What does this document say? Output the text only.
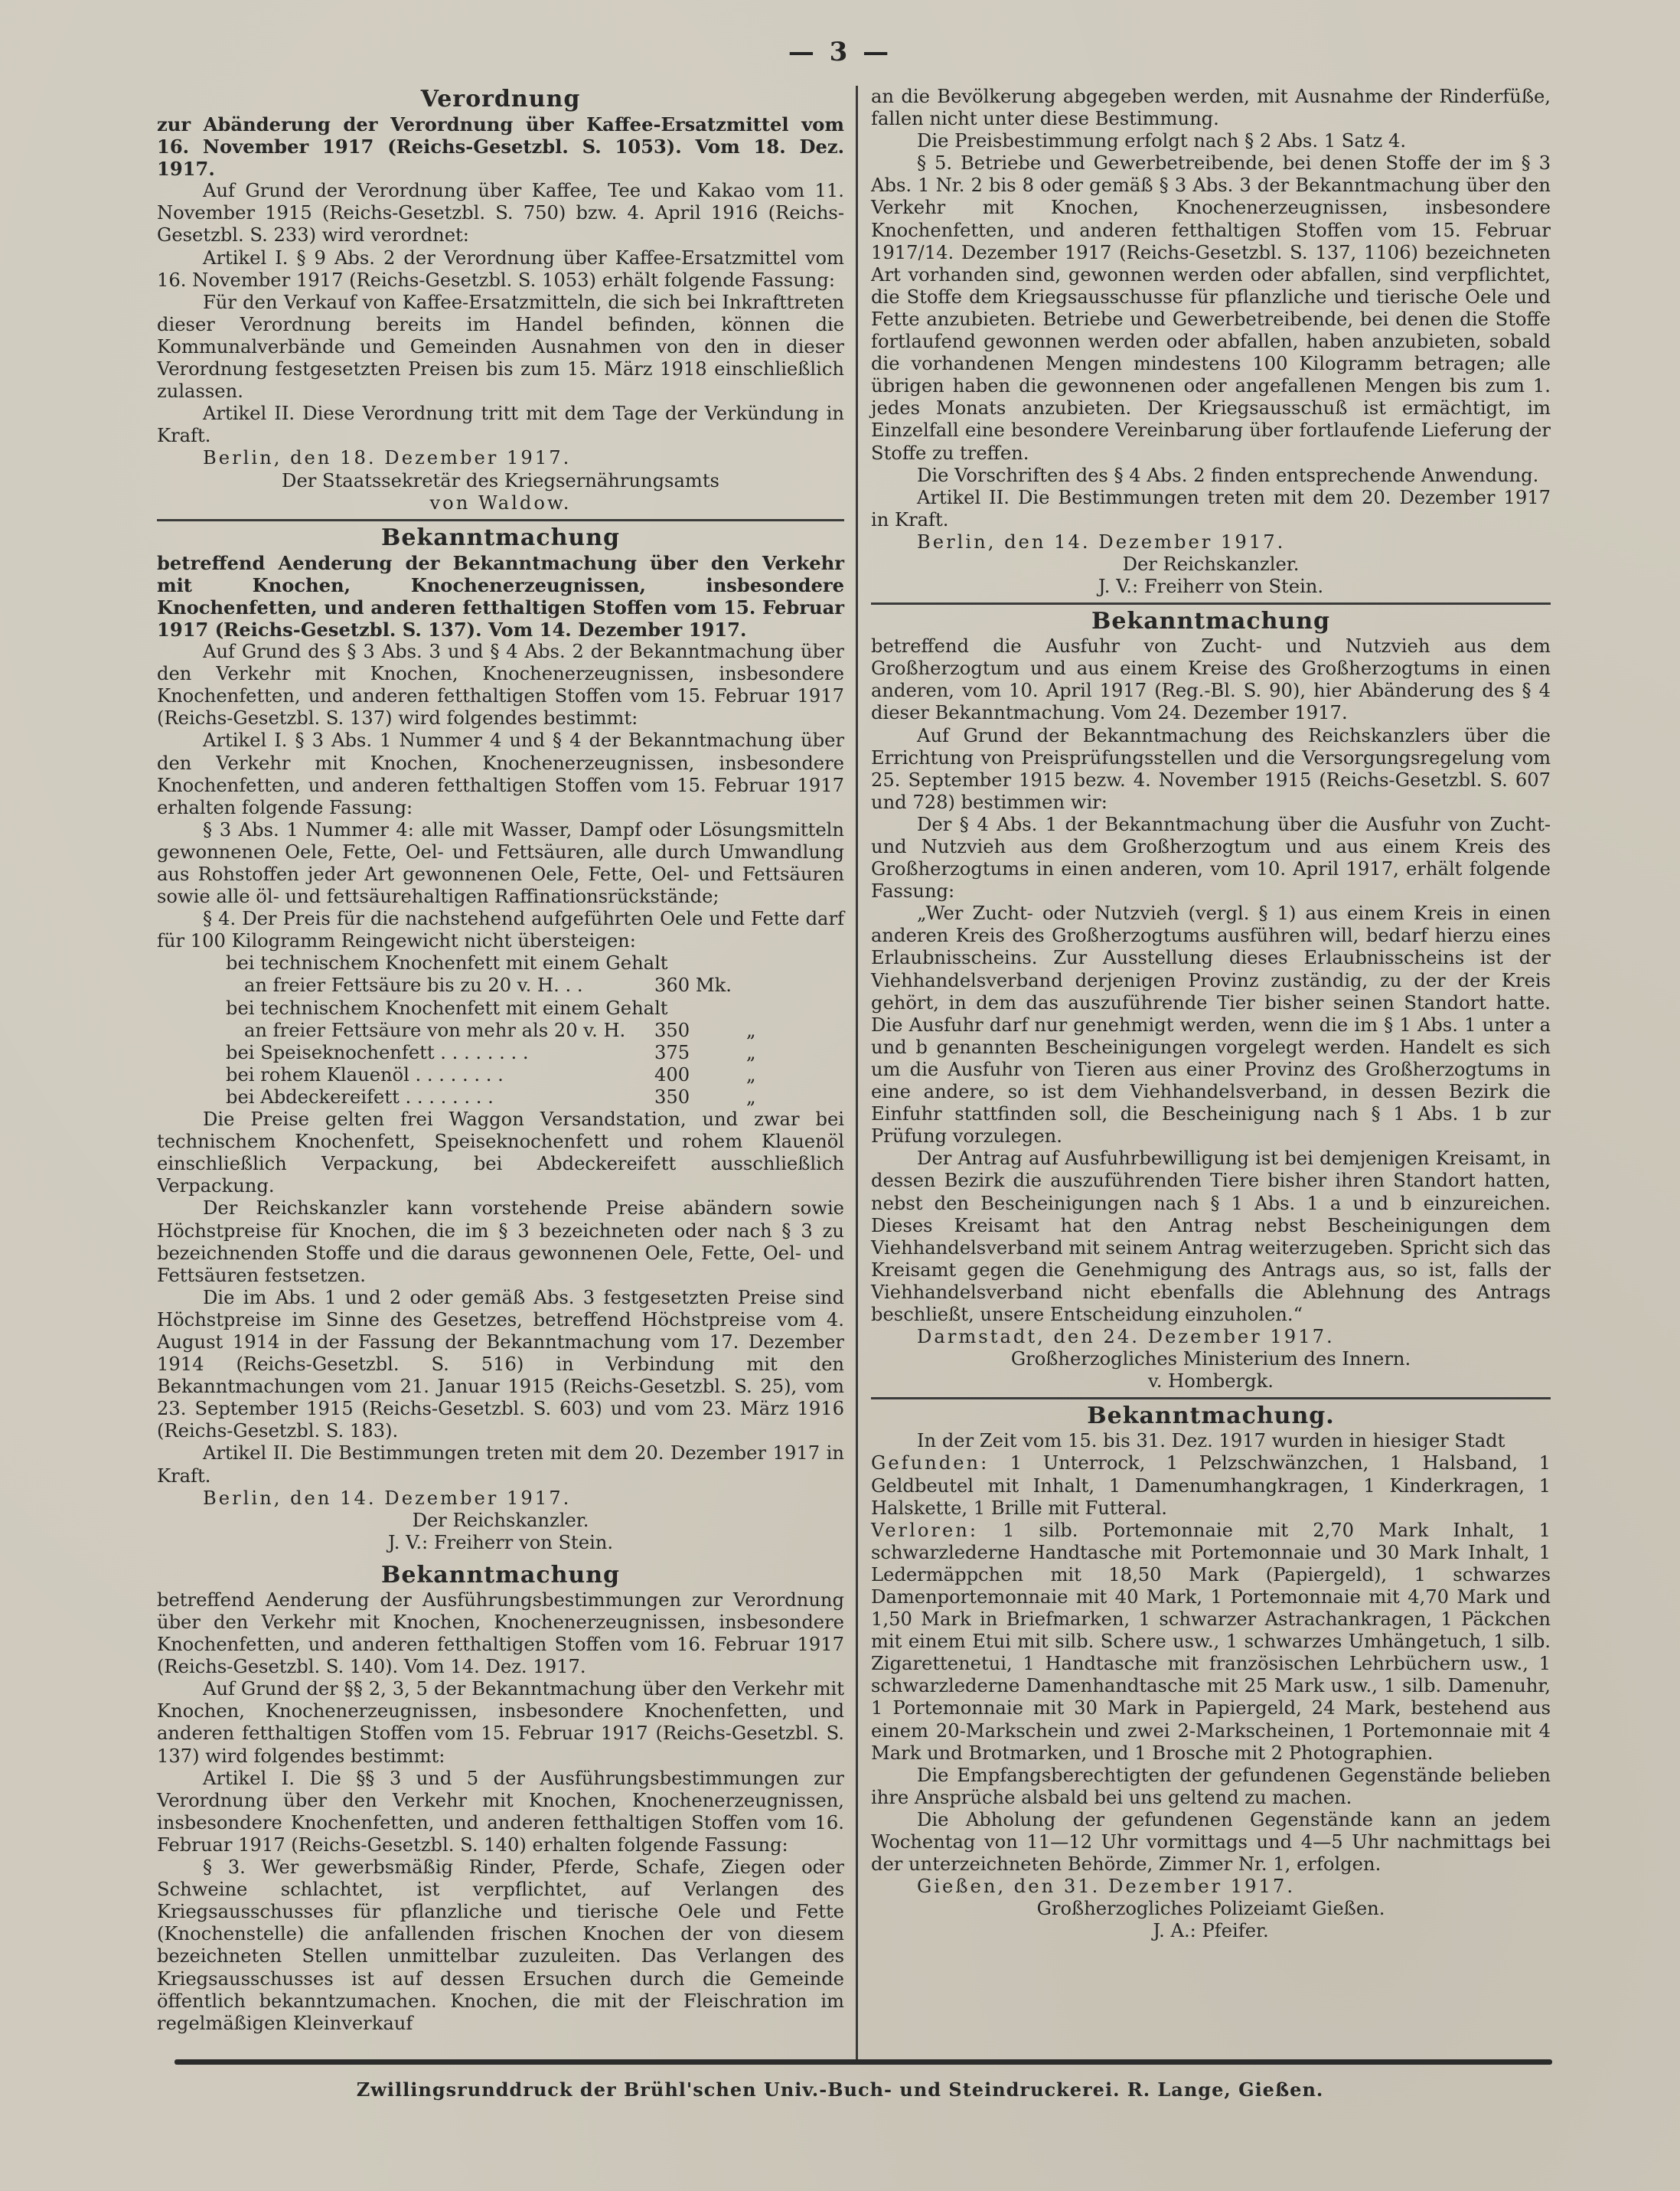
— 3 —
Verordnung

zur Abänderung der Verordnung über Kaffee-Ersatzmittel vom 16. November 1917 (Reichs-Gesetzbl. S. 1053). Vom 18. Dez. 1917.

Auf Grund der Verordnung über Kaffee, Tee und Kakao vom 11. November 1915 (Reichs-Gesetzbl. S. 750) bzw. 4. April 1916 (Reichs-Gesetzbl. S. 233) wird verordnet:

Artikel I. § 9 Abs. 2 der Verordnung über Kaffee-Ersatzmittel vom 16. November 1917 (Reichs-Gesetzbl. S. 1053) erhält folgende Fassung:

Für den Verkauf von Kaffee-Ersatzmitteln, die sich bei Inkrafttreten dieser Verordnung bereits im Handel befinden, können die Kommunalverbände und Gemeinden Ausnahmen von den in dieser Verordnung festgesetzten Preisen bis zum 15. März 1918 einschließlich zulassen.

Artikel II. Diese Verordnung tritt mit dem Tage der Verkündung in Kraft.

Berlin, den 18. Dezember 1917.

Der Staatssekretär des Kriegsernährungsamts

von Waldow.

Bekanntmachung

betreffend Aenderung der Bekanntmachung über den Verkehr mit Knochen, Knochenerzeugnissen, insbesondere Knochenfetten, und anderen fetthaltigen Stoffen vom 15. Februar 1917 (Reichs-Gesetzbl. S. 137). Vom 14. Dezember 1917.

Auf Grund des § 3 Abs. 3 und § 4 Abs. 2 der Bekanntmachung über den Verkehr mit Knochen, Knochenerzeugnissen, insbesondere Knochenfetten, und anderen fetthaltigen Stoffen vom 15. Februar 1917 (Reichs-Gesetzbl. S. 137) wird folgendes bestimmt:

Artikel I. § 3 Abs. 1 Nummer 4 und § 4 der Bekanntmachung über den Verkehr mit Knochen, Knochenerzeugnissen, insbesondere Knochenfetten, und anderen fetthaltigen Stoffen vom 15. Februar 1917 erhalten folgende Fassung:

§ 3 Abs. 1 Nummer 4: alle mit Wasser, Dampf oder Lösungsmitteln gewonnenen Oele, Fette, Oel- und Fettsäuren, alle durch Umwandlung aus Rohstoffen jeder Art gewonnenen Oele, Fette, Oel- und Fettsäuren sowie alle öl- und fettsäurehaltigen Raffinationsrückstände;

§ 4. Der Preis für die nachstehend aufgeführten Oele und Fette darf für 100 Kilogramm Reingewicht nicht übersteigen:

bei technischem Knochenfett mit einem Gehalt
an freier Fettsäure bis zu 20 v. H. . .	360 Mk.
bei technischem Knochenfett mit einem Gehalt
an freier Fettsäure von mehr als 20 v. H. 350	„
bei Speiseknochenfett . . . . . . . .	375	„
bei rohem Klauenöl . . . . . . . .	400	„
bei Abdeckereifett . . . . . . . .	350	„

Die Preise gelten frei Waggon Versandstation, und zwar bei technischem Knochenfett, Speiseknochenfett und rohem Klauenöl einschließlich Verpackung, bei Abdeckereifett ausschließlich Verpackung.

Der Reichskanzler kann vorstehende Preise abändern sowie Höchstpreise für Knochen, die im § 3 bezeichneten oder nach § 3 zu bezeichnenden Stoffe und die daraus gewonnenen Oele, Fette, Oel- und Fettsäuren festsetzen.

Die im Abs. 1 und 2 oder gemäß Abs. 3 festgesetzten Preise sind Höchstpreise im Sinne des Gesetzes, betreffend Höchstpreise vom 4. August 1914 in der Fassung der Bekanntmachung vom 17. Dezember 1914 (Reichs-Gesetzbl. S. 516) in Verbindung mit den Bekanntmachungen vom 21. Januar 1915 (Reichs-Gesetzbl. S. 25), vom 23. September 1915 (Reichs-Gesetzbl. S. 603) und vom 23. März 1916 (Reichs-Gesetzbl. S. 183).

Artikel II. Die Bestimmungen treten mit dem 20. Dezember 1917 in Kraft.

Berlin, den 14. Dezember 1917.

Der Reichskanzler.

J. V.: Freiherr von Stein.

Bekanntmachung

betreffend Aenderung der Ausführungsbestimmungen zur Verordnung über den Verkehr mit Knochen, Knochenerzeugnissen, insbesondere Knochenfetten, und anderen fetthaltigen Stoffen vom 16. Februar 1917 (Reichs-Gesetzbl. S. 140). Vom 14. Dez. 1917.

Auf Grund der §§ 2, 3, 5 der Bekanntmachung über den Verkehr mit Knochen, Knochenerzeugnissen, insbesondere Knochenfetten, und anderen fetthaltigen Stoffen vom 15. Februar 1917 (Reichs-Gesetzbl. S. 137) wird folgendes bestimmt:

Artikel I. Die §§ 3 und 5 der Ausführungsbestimmungen zur Verordnung über den Verkehr mit Knochen, Knochenerzeugnissen, insbesondere Knochenfetten, und anderen fetthaltigen Stoffen vom 16. Februar 1917 (Reichs-Gesetzbl. S. 140) erhalten folgende Fassung:

§ 3. Wer gewerbsmäßig Rinder, Pferde, Schafe, Ziegen oder Schweine schlachtet, ist verpflichtet, auf Verlangen des Kriegsausschusses für pflanzliche und tierische Oele und Fette (Knochenstelle) die anfallenden frischen Knochen der von diesem bezeichneten Stellen unmittelbar zuzuleiten. Das Verlangen des Kriegsausschusses ist auf dessen Ersuchen durch die Gemeinde öffentlich bekanntzumachen. Knochen, die mit der Fleischration im regelmäßigen Kleinverkauf

an die Bevölkerung abgegeben werden, mit Ausnahme der Rinderfüße, fallen nicht unter diese Bestimmung.

Die Preisbestimmung erfolgt nach § 2 Abs. 1 Satz 4.

§ 5. Betriebe und Gewerbetreibende, bei denen Stoffe der im § 3 Abs. 1 Nr. 2 bis 8 oder gemäß § 3 Abs. 3 der Bekanntmachung über den Verkehr mit Knochen, Knochenerzeugnissen, insbesondere Knochenfetten, und anderen fetthaltigen Stoffen vom 15. Februar 1917/14. Dezember 1917 (Reichs-Gesetzbl. S. 137, 1106) bezeichneten Art vorhanden sind, gewonnen werden oder abfallen, sind verpflichtet, die Stoffe dem Kriegsausschusse für pflanzliche und tierische Oele und Fette anzubieten. Betriebe und Gewerbetreibende, bei denen die Stoffe fortlaufend gewonnen werden oder abfallen, haben anzubieten, sobald die vorhandenen Mengen mindestens 100 Kilogramm betragen; alle übrigen haben die gewonnenen oder angefallenen Mengen bis zum 1. jedes Monats anzubieten. Der Kriegsausschuß ist ermächtigt, im Einzelfall eine besondere Vereinbarung über fortlaufende Lieferung der Stoffe zu treffen.

Die Vorschriften des § 4 Abs. 2 finden entsprechende Anwendung.

Artikel II. Die Bestimmungen treten mit dem 20. Dezember 1917 in Kraft.

Berlin, den 14. Dezember 1917.

Der Reichskanzler.

J. V.: Freiherr von Stein.

Bekanntmachung

betreffend die Ausfuhr von Zucht- und Nutzvieh aus dem Großherzogtum und aus einem Kreise des Großherzogtums in einen anderen, vom 10. April 1917 (Reg.-Bl. S. 90), hier Abänderung des § 4 dieser Bekanntmachung. Vom 24. Dezember 1917.

Auf Grund der Bekanntmachung des Reichskanzlers über die Errichtung von Preisprüfungsstellen und die Versorgungsregelung vom 25. September 1915 bezw. 4. November 1915 (Reichs-Gesetzbl. S. 607 und 728) bestimmen wir:

Der § 4 Abs. 1 der Bekanntmachung über die Ausfuhr von Zucht- und Nutzvieh aus dem Großherzogtum und aus einem Kreis des Großherzogtums in einen anderen, vom 10. April 1917, erhält folgende Fassung:

„Wer Zucht- oder Nutzvieh (vergl. § 1) aus einem Kreis in einen anderen Kreis des Großherzogtums ausführen will, bedarf hierzu eines Erlaubnisscheins. Zur Ausstellung dieses Erlaubnisscheins ist der Viehhandelsverband derjenigen Provinz zuständig, zu der der Kreis gehört, in dem das auszuführende Tier bisher seinen Standort hatte. Die Ausfuhr darf nur genehmigt werden, wenn die im § 1 Abs. 1 unter a und b genannten Bescheinigungen vorgelegt werden. Handelt es sich um die Ausfuhr von Tieren aus einer Provinz des Großherzogtums in eine andere, so ist dem Viehhandelsverband, in dessen Bezirk die Einfuhr stattfinden soll, die Bescheinigung nach § 1 Abs. 1 b zur Prüfung vorzulegen.

Der Antrag auf Ausfuhrbewilligung ist bei demjenigen Kreisamt, in dessen Bezirk die auszuführenden Tiere bisher ihren Standort hatten, nebst den Bescheinigungen nach § 1 Abs. 1 a und b einzureichen. Dieses Kreisamt hat den Antrag nebst Bescheinigungen dem Viehhandelsverband mit seinem Antrag weiterzugeben. Spricht sich das Kreisamt gegen die Genehmigung des Antrags aus, so ist, falls der Viehhandelsverband nicht ebenfalls die Ablehnung des Antrags beschließt, unsere Entscheidung einzuholen.“

Darmstadt, den 24. Dezember 1917.

Großherzogliches Ministerium des Innern.

v. Hombergk.

Bekanntmachung.

In der Zeit vom 15. bis 31. Dez. 1917 wurden in hiesiger Stadt

Gefunden: 1 Unterrock, 1 Pelzschwänzchen, 1 Halsband, 1 Geldbeutel mit Inhalt, 1 Damenumhangkragen, 1 Kinderkragen, 1 Halskette, 1 Brille mit Futteral.

Verloren: 1 silb. Portemonnaie mit 2,70 Mark Inhalt, 1 schwarzlederne Handtasche mit Portemonnaie und 30 Mark Inhalt, 1 Ledermäppchen mit 18,50 Mark (Papiergeld), 1 schwarzes Damenportemonnaie mit 40 Mark, 1 Portemonnaie mit 4,70 Mark und 1,50 Mark in Briefmarken, 1 schwarzer Astrachankragen, 1 Päckchen mit einem Etui mit silb. Schere usw., 1 schwarzes Umhängetuch, 1 silb. Zigarettenetui, 1 Handtasche mit französischen Lehrbüchern usw., 1 schwarzlederne Damenhandtasche mit 25 Mark usw., 1 silb. Damenuhr, 1 Portemonnaie mit 30 Mark in Papiergeld, 24 Mark, bestehend aus einem 20-Markschein und zwei 2-Markscheinen, 1 Portemonnaie mit 4 Mark und Brotmarken, und 1 Brosche mit 2 Photographien.

Die Empfangsberechtigten der gefundenen Gegenstände belieben ihre Ansprüche alsbald bei uns geltend zu machen.

Die Abholung der gefundenen Gegenstände kann an jedem Wochentag von 11—12 Uhr vormittags und 4—5 Uhr nachmittags bei der unterzeichneten Behörde, Zimmer Nr. 1, erfolgen.

Gießen, den 31. Dezember 1917.

Großherzogliches Polizeiamt Gießen.

J. A.: Pfeifer.

Zwillingsrunddruck der Brühl'schen Univ.-Buch- und Steindruckerei. R. Lange, Gießen.
